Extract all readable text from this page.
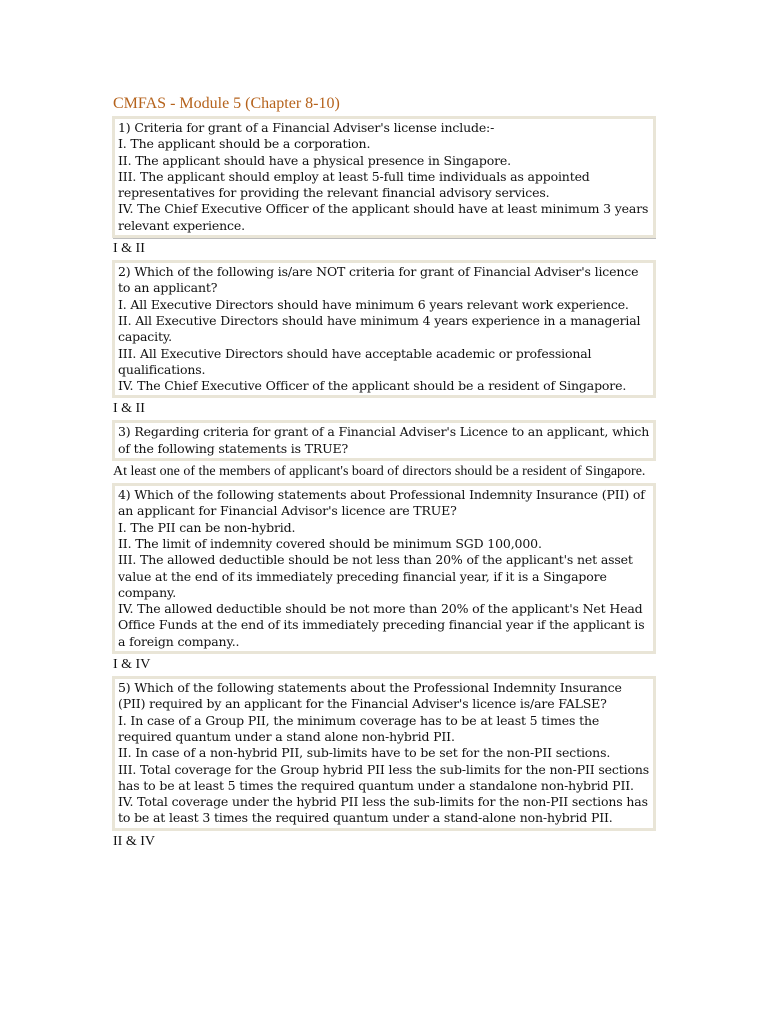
CMFAS - Module 5 (Chapter 8-10)
1) Criteria for grant of a Financial Adviser's license include:-
I. The applicant should be a corporation.
II. The applicant should have a physical presence in Singapore.
III. The applicant should employ at least 5-full time individuals as appointed representatives for providing the relevant financial advisory services.
IV. The Chief Executive Officer of the applicant should have at least minimum 3 years relevant experience.
I & II
2) Which of the following is/are NOT criteria for grant of Financial Adviser's licence to an applicant?
I. All Executive Directors should have minimum 6 years relevant work experience.
II. All Executive Directors should have minimum 4 years experience in a managerial capacity.
III. All Executive Directors should have acceptable academic or professional qualifications.
IV. The Chief Executive Officer of the applicant should be a resident of Singapore.
I & II
3) Regarding criteria for grant of a Financial Adviser's Licence to an applicant, which of the following statements is TRUE?
At least one of the members of applicant's board of directors should be a resident of Singapore.
4) Which of the following statements about Professional Indemnity Insurance (PII) of an applicant for Financial Advisor's licence are TRUE?
I. The PII can be non-hybrid.
II. The limit of indemnity covered should be minimum SGD 100,000.
III. The allowed deductible should be not less than 20% of the applicant's net asset value at the end of its immediately preceding financial year, if it is a Singapore company.
IV. The allowed deductible should be not more than 20% of the applicant's Net Head Office Funds at the end of its immediately preceding financial year if the applicant is a foreign company..
I & IV
5) Which of the following statements about the Professional Indemnity Insurance (PII) required by an applicant for the Financial Adviser's licence is/are FALSE?
I. In case of a Group PII, the minimum coverage has to be at least 5 times the required quantum under a stand alone non-hybrid PII.
II. In case of a non-hybrid PII, sub-limits have to be set for the non-PII sections.
III. Total coverage for the Group hybrid PII less the sub-limits for the non-PII sections has to be at least 5 times the required quantum under a standalone non-hybrid PII.
IV. Total coverage under the hybrid PII less the sub-limits for the non-PII sections has to be at least 3 times the required quantum under a stand-alone non-hybrid PII.
II & IV
